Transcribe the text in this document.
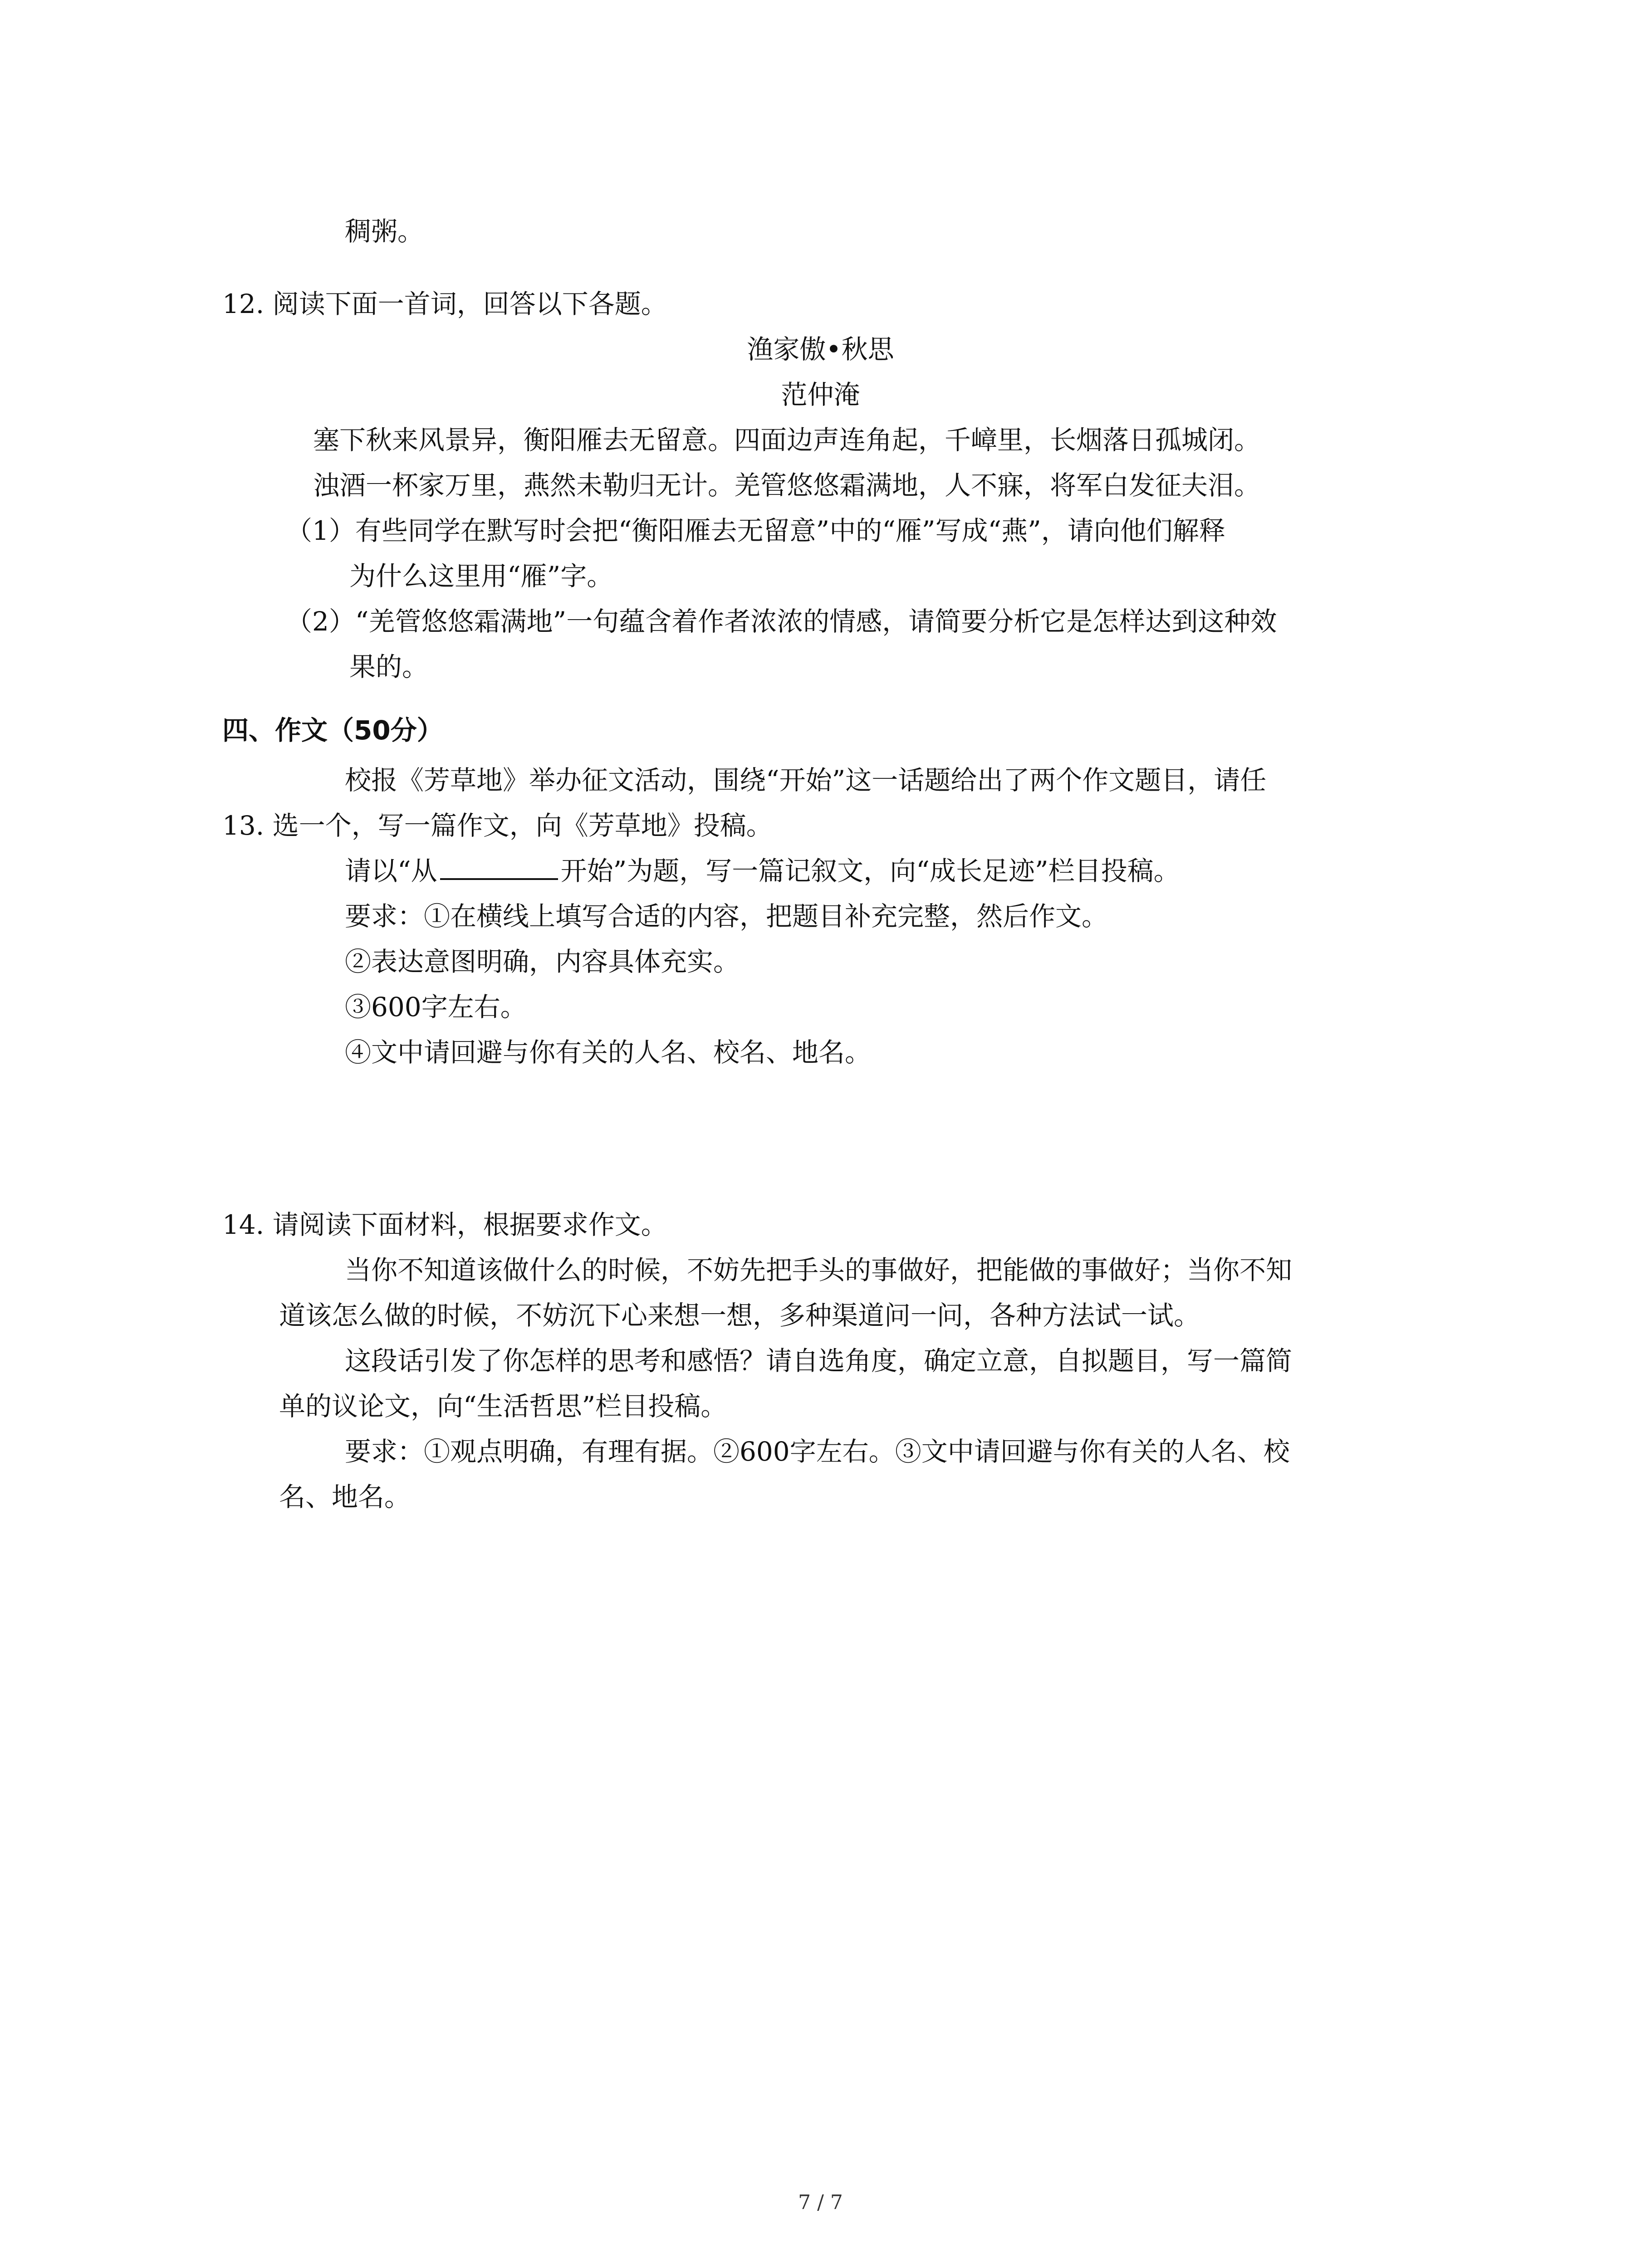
稠粥。
12. 阅读下面一首词，回答以下各题。
渔家傲•秋思
范仲淹
塞下秋来风景异，衡阳雁去无留意。四面边声连角起，千嶂里，长烟落日孤城闭。
浊酒一杯家万里，燕然未勒归无计。羌管悠悠霜满地，人不寐，将军白发征夫泪。
（1）有些同学在默写时会把“衡阳雁去无留意”中的“雁”写成“燕”，请向他们解释
为什么这里用“雁”字。
（2）“羌管悠悠霜满地”一句蕴含着作者浓浓的情感，请简要分析它是怎样达到这种效
果的。
四、作文（50分）
校报《芳草地》举办征文活动，围绕“开始”这一话题给出了两个作文题目，请任
13. 选一个，写一篇作文，向《芳草地》投稿。
请以“从	开始”为题，写一篇记叙文，向“成长足迹”栏目投稿。
要求：①在横线上填写合适的内容，把题目补充完整，然后作文。
②表达意图明确，内容具体充实。
③600字左右。
④文中请回避与你有关的人名、校名、地名。
14. 请阅读下面材料，根据要求作文。
当你不知道该做什么的时候，不妨先把手头的事做好，把能做的事做好；当你不知
道该怎么做的时候，不妨沉下心来想一想，多种渠道问一问，各种方法试一试。
这段话引发了你怎样的思考和感悟？请自选角度，确定立意，自拟题目，写一篇简
单的议论文，向“生活哲思”栏目投稿。
要求：①观点明确，有理有据。②600字左右。③文中请回避与你有关的人名、校
名、地名。
7 / 7
